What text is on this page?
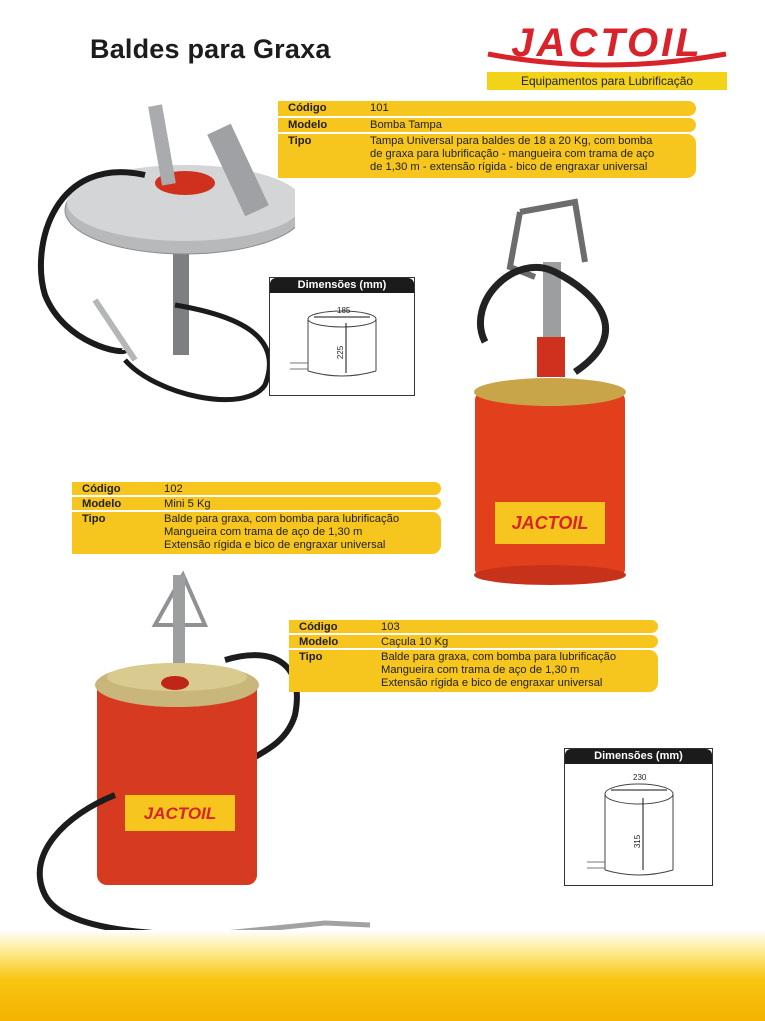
Baldes para Graxa	JACTOIL
Equipamentos para Lubrificação
Código	101
Modelo	Bomba Tampa
Tipo	Tampa Universal para baldes de 18 a 20 Kg, com bomba
de graxa para lubrificação - mangueira com trama de aço
de 1,30 m - extensão rígida - bico de engraxar universal
Dimensões (mm)
185
225
JACTOIL
Código	102
Modelo	Mini 5 Kg
Tipo	Balde para graxa, com bomba para lubrificação
Mangueira com trama de aço de 1,30 m
Extensão rígida e bico de engraxar universal
JACTOIL
Código	103
Modelo	Caçula 10 Kg
Tipo	Balde para graxa, com bomba para lubrificação
Mangueira com trama de aço de 1,30 m
Extensão rígida e bico de engraxar universal
Dimensões (mm)
230
315
